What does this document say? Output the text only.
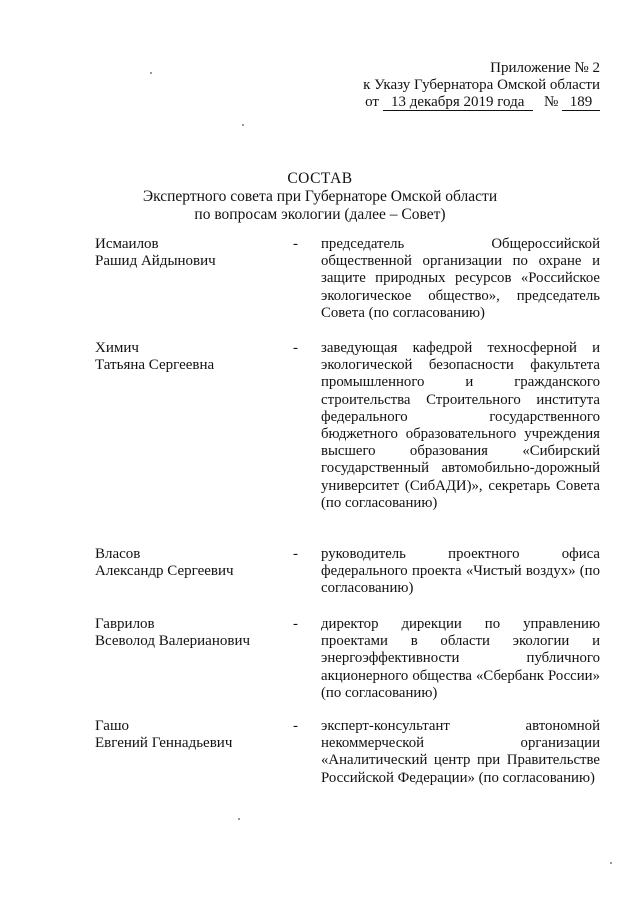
Приложение № 2
к Указу Губернатора Омской области
от 13 декабря 2019 года № 189
СОСТАВ
Экспертного совета при Губернаторе Омской области
по вопросам экологии (далее – Совет)
Исмаилов
Рашид Айдынович
- председатель Общероссийской общественной организации по охране и защите природных ресурсов «Российское экологическое общество», председатель Совета (по согласованию)
Химич
Татьяна Сергеевна
- заведующая кафедрой техносферной и экологической безопасности факультета промышленного и гражданского строительства Строительного института федерального государственного бюджетного образовательного учреждения высшего образования «Сибирский государственный автомобильно-дорожный университет (СибАДИ)», секретарь Совета (по согласованию)
Власов
Александр Сергеевич
- руководитель проектного офиса федерального проекта «Чистый воздух» (по согласованию)
Гаврилов
Всеволод Валерианович
- директор дирекции по управлению проектами в области экологии и энергоэффективности публичного акционерного общества «Сбербанк России» (по согласованию)
Гашо
Евгений Геннадьевич
- эксперт-консультант автономной некоммерческой организации «Аналитический центр при Правительстве Российской Федерации» (по согласованию)
